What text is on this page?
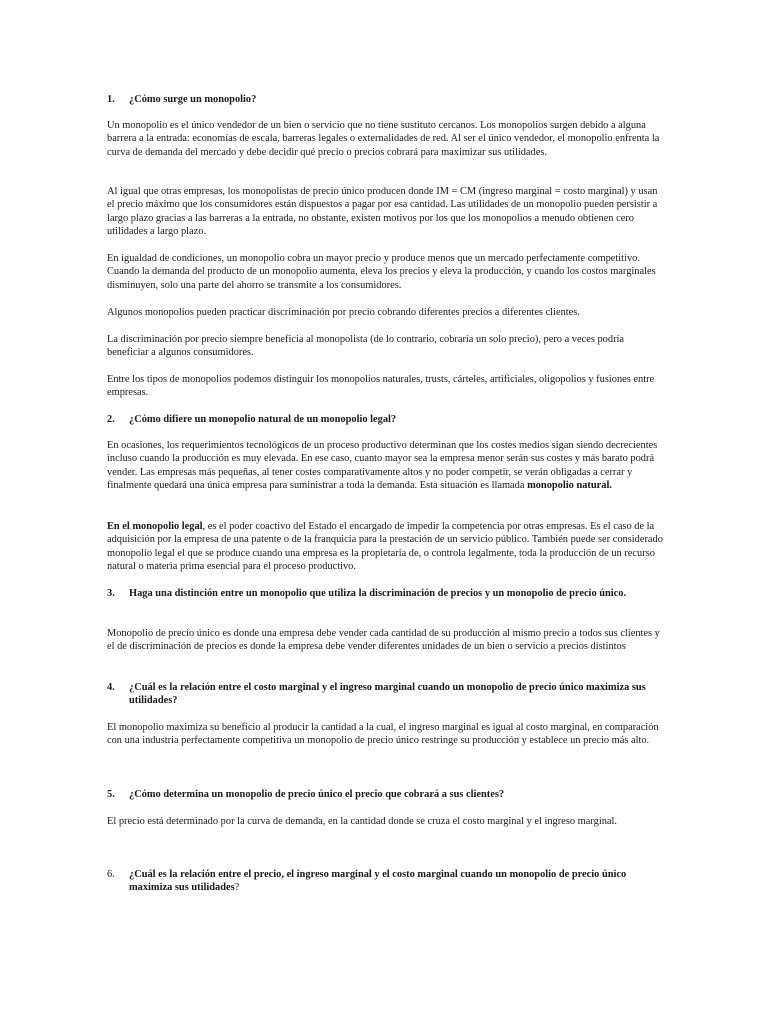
1.	¿Cómo surge un monopolio?

Un monopolio es el único vendedor de un bien o servicio que no tiene sustituto cercanos. Los monopolios surgen debido a alguna barrera a la entrada: economías de escala, barreras legales o externalidades de red. Al ser el único vendedor, el monopolio enfrenta la curva de demanda del mercado y debe decidir qué precio o precios cobrará para maximizar sus utilidades.

Al igual que otras empresas, los monopolistas de precio único producen donde IM = CM (ingreso marginal = costo marginal) y usan el precio máximo que los consumidores están dispuestos a pagar por esa cantidad. Las utilidades de un monopolio pueden persistir a largo plazo gracias a las barreras a la entrada, no obstante, existen motivos por los que los monopolios a menudo obtienen cero utilidades a largo plazo.

En igualdad de condiciones, un monopolio cobra un mayor precio y produce menos que un mercado perfectamente competitivo. Cuando la demanda del producto de un monopolio aumenta, eleva los precios y eleva la producción, y cuando los costos marginales disminuyen, solo una parte del ahorro se transmite a los consumidores.

Algunos monopolios pueden practicar discriminación por precio cobrando diferentes precios a diferentes clientes.

La discriminación por precio siempre beneficia al monopolista (de lo contrario, cobraría un solo precio), pero a veces podría beneficiar a algunos consumidores.

Entre los tipos de monopolios podemos distinguir los monopolios naturales, trusts, cárteles, artificiales, oligopolios y fusiones entre empresas.

2.	¿Cómo difiere un monopolio natural de un monopolio legal?

En ocasiones, los requerimientos tecnológicos de un proceso productivo determinan que los costes medios sigan siendo decrecientes incluso cuando la producción es muy elevada. En ese caso, cuanto mayor sea la empresa menor serán sus costes y más barato podrá vender. Las empresas más pequeñas, al tener costes comparativamente altos y no poder competir, se verán obligadas a cerrar y finalmente quedará una única empresa para suministrar a toda la demanda. Esta situación es llamada monopolio natural.

En el monopolio legal, es el poder coactivo del Estado el encargado de impedir la competencia por otras empresas. Es el caso de la adquisición por la empresa de una patente o de la franquicia para la prestación de un servicio público. También puede ser considerado monopolio legal el que se produce cuando una empresa es la propietaria de, o controla legalmente, toda la producción de un recurso natural o materia prima esencial para el proceso productivo.

3.	Haga una distinción entre un monopolio que utiliza la discriminación de precios y un monopolio de precio único.

Monopolio de precio único es donde una empresa debe vender cada cantidad de su producción al mismo precio a todos sus clientes y el de discriminación de precios es donde la empresa debe vender diferentes unidades de un bien o servicio a precios distintos

4.	¿Cuál es la relación entre el costo marginal y el ingreso marginal cuando un monopolio de precio único maximiza sus utilidades?

El monopolio maximiza su beneficio al producir la cantidad a la cual, el ingreso marginal es igual al costo marginal, en comparación con una industria perfectamente competitiva un monopolio de precio único restringe su producción y establece un precio más alto.

5.	¿Cómo determina un monopolio de precio único el precio que cobrará a sus clientes?

El precio está determinado por la curva de demanda, en la cantidad donde se cruza el costo marginal y el ingreso marginal.

6.	¿Cuál es la relación entre el precio, el ingreso marginal y el costo marginal cuando un monopolio de precio único maximiza sus utilidades?
